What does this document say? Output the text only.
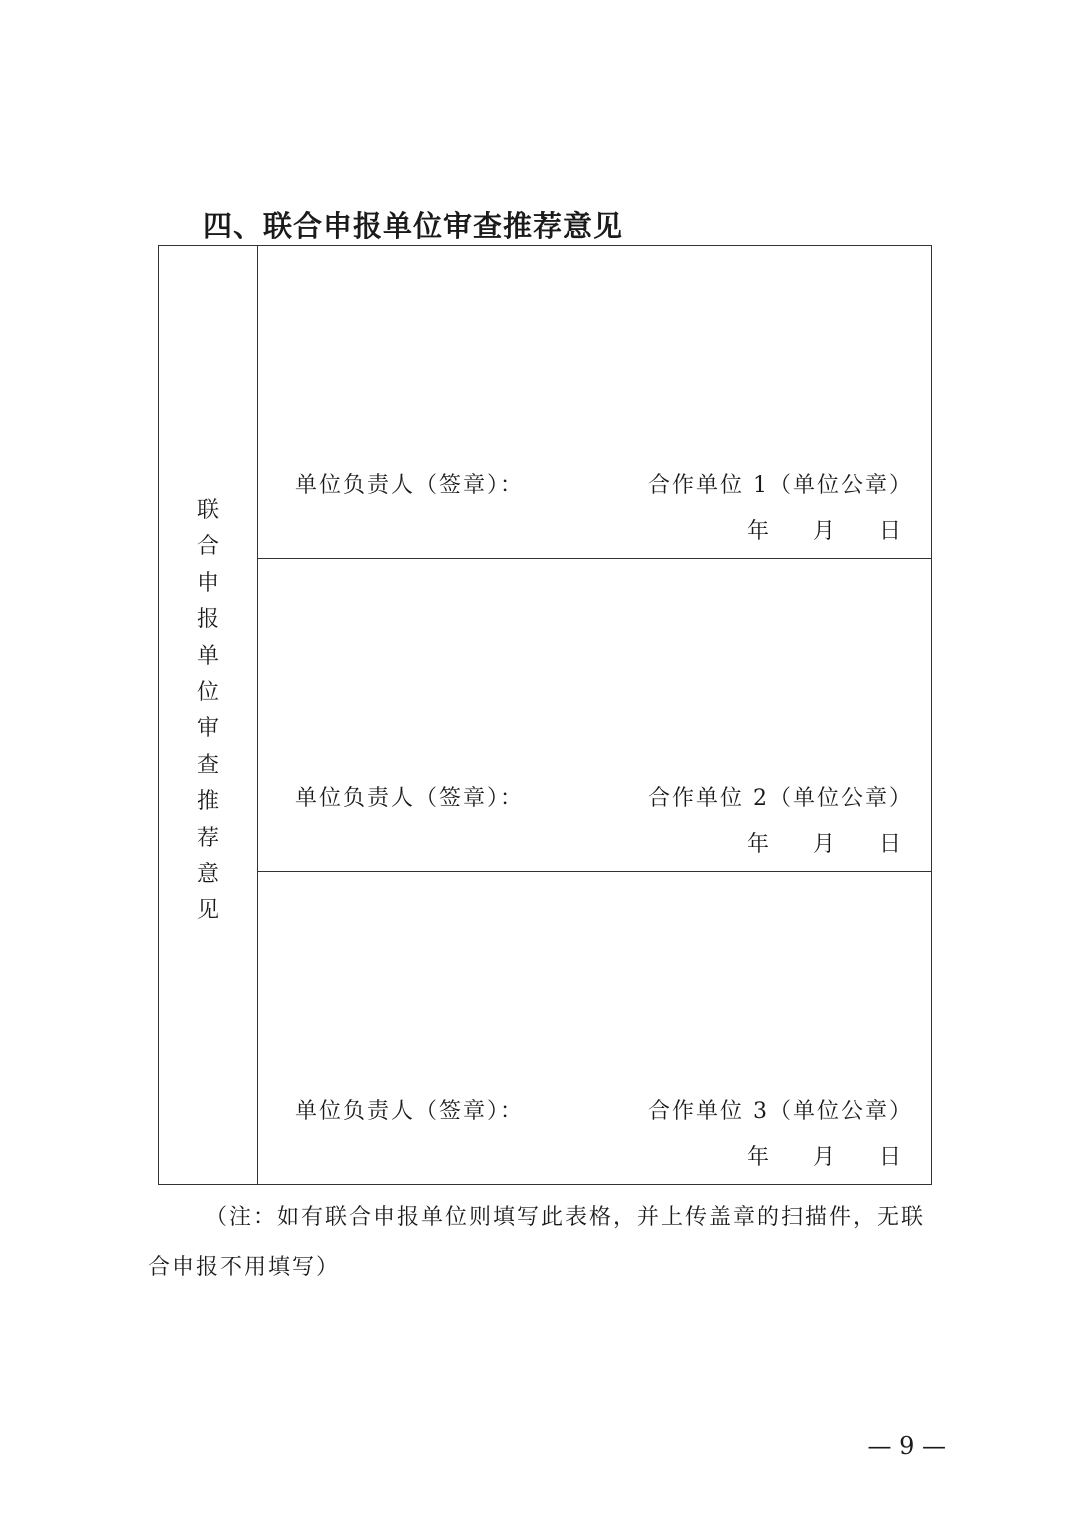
四、联合申报单位审查推荐意见
联
合
申
报
单
位
审
查
推
荐
意
见
单位负责人（签章）：	合作单位 1（单位公章）
年 月 日
单位负责人（签章）：	合作单位 2（单位公章）
年 月 日
单位负责人（签章）：	合作单位 3（单位公章）
年 月 日
（注：如有联合申报单位则填写此表格，并上传盖章的扫描件，无联
合申报不用填写）
— 9 —
